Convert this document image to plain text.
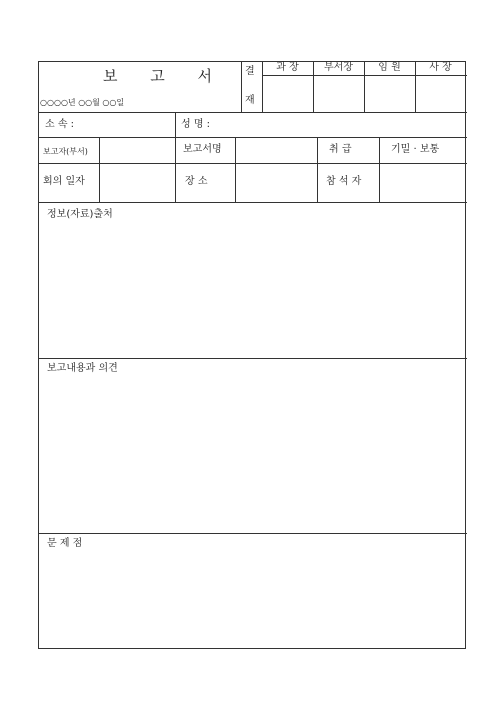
보 고 서
○○○○년 ○○월 ○○일
결
재
과 장	부서장	임 원	사 장
소 속 :	성 명 :
보고자(부서)	보고서명	취 급	기밀 · 보통
회의 일자	장 소	참 석 자
정보(자료)출처
보고내용과 의견
문 제 점
